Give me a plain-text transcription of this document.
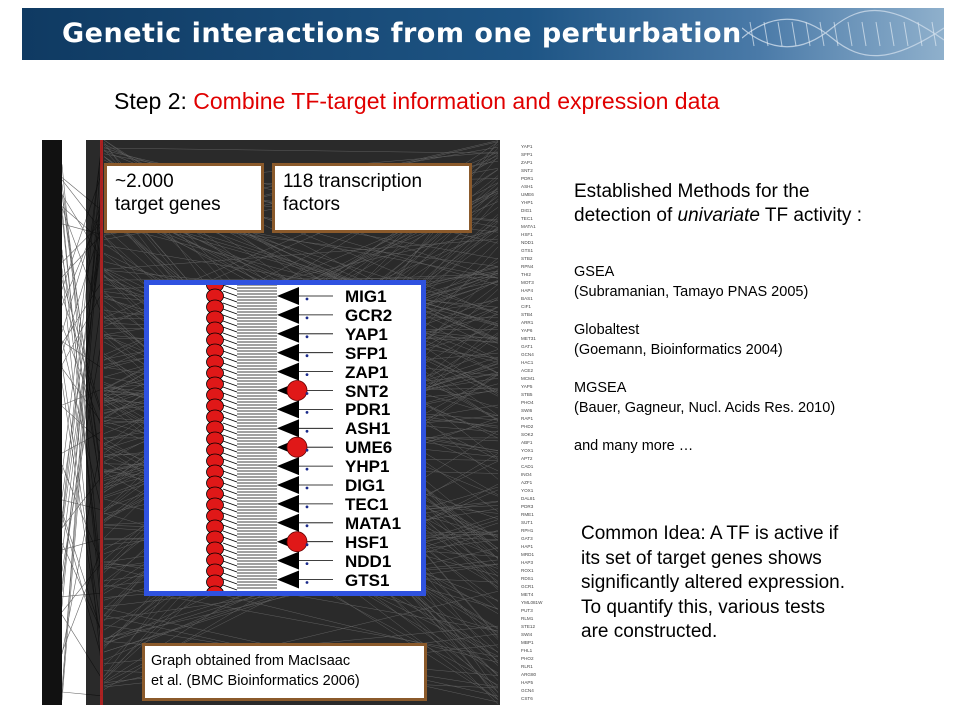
Genetic interactions from one perturbation
Step 2: Combine TF-target information and expression data
YAP1
SFP1
ZAP1
SNT2
PDR1
ASH1
UME6
YHP1
DIG1
TEC1
MATA1
HSF1
NDD1
GTS1
STB2
RPN4
THI2
MOT3
HAP4
BAS1
CIF1
STB4
ARR1
YAP6
MET31
GAT1
GCN4
HAC1
ACE2
MCM1
YAP5
STB5
PHO4
SWI6
RAP1
PHD2
SOK2
ABF1
YOX1
APT2
CAD1
INO4
AZF1
YOX1
DAL81
PDR3
RME1
SUT1
RPH1
GAT3
HAP1
MRD1
HAP3
ROX1
RDS1
GCR1
MET4
YML081W
PUT3
RLM1
STE12
SWI4
MBP1
FHL1
PHO2
RLR1
ARG80
HAP5
GCN4
CST6
~2.000
target genes
118 transcription
factors
MIG1
GCR2
YAP1
SFP1
ZAP1
SNT2
PDR1
ASH1
UME6
YHP1
DIG1
TEC1
MATA1
HSF1
NDD1
GTS1
Graph obtained from MacIsaac
et al. (BMC Bioinformatics 2006)
Established Methods for the
detection of univariate TF activity :

GSEA
(Subramanian, Tamayo PNAS 2005)

Globaltest
(Goemann, Bioinformatics 2004)

MGSEA
(Bauer, Gagneur, Nucl. Acids Res. 2010)

and many more …

Common Idea: A TF is active if
its set of target genes shows
significantly altered expression.
To quantify this, various tests
are constructed.
